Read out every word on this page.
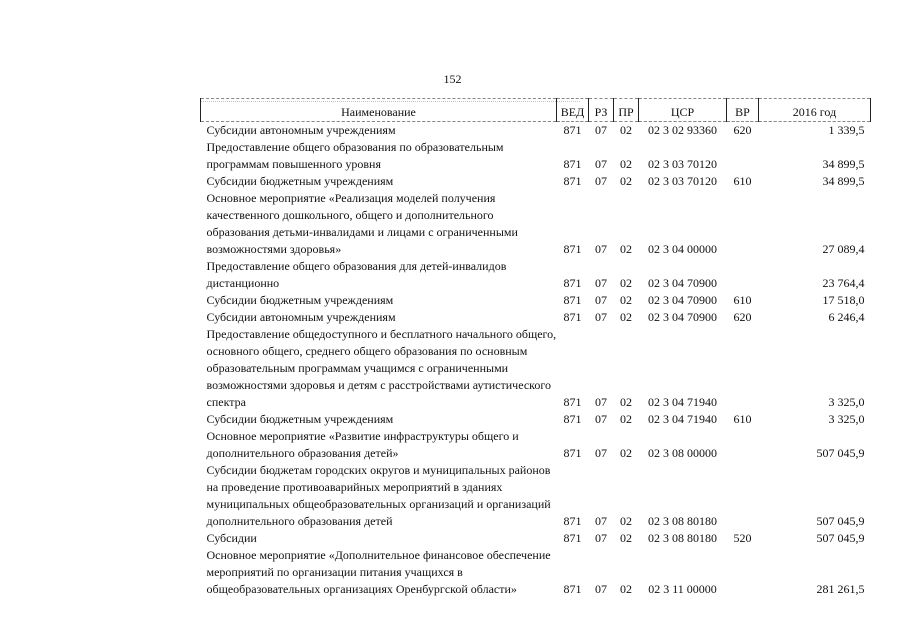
152
Наименование	ВЕД	РЗ	ПР	ЦСР	ВР	2016 год
Субсидии автономным учреждениям	871	07	02	02 3 02 93360	620	1 339,5
Предоставление общего образования по образовательным программам повышенного уровня	871	07	02	02 3 03 70120		34 899,5
Субсидии бюджетным учреждениям	871	07	02	02 3 03 70120	610	34 899,5
Основное мероприятие «Реализация моделей получения качественного дошкольного, общего и дополнительного образования детьми-инвалидами и лицами с ограниченными возможностями здоровья»	871	07	02	02 3 04 00000		27 089,4
Предоставление общего образования для детей-инвалидов дистанционно	871	07	02	02 3 04 70900		23 764,4
Субсидии бюджетным учреждениям	871	07	02	02 3 04 70900	610	17 518,0
Субсидии автономным учреждениям	871	07	02	02 3 04 70900	620	6 246,4
Предоставление общедоступного и бесплатного начального общего, основного общего, среднего общего образования по основным образовательным программам учащимся с ограниченными возможностями здоровья и детям с расстройствами аутистического спектра	871	07	02	02 3 04 71940		3 325,0
Субсидии бюджетным учреждениям	871	07	02	02 3 04 71940	610	3 325,0
Основное мероприятие «Развитие инфраструктуры общего и дополнительного образования детей»	871	07	02	02 3 08 00000		507 045,9
Субсидии бюджетам городских округов и муниципальных районов на проведение противоаварийных мероприятий в зданиях муниципальных общеобразовательных организаций и организаций дополнительного образования детей	871	07	02	02 3 08 80180		507 045,9
Субсидии	871	07	02	02 3 08 80180	520	507 045,9
Основное мероприятие «Дополнительное финансовое обеспечение мероприятий по организации питания учащихся в общеобразовательных организациях Оренбургской области»	871	07	02	02 3 11 00000		281 261,5
